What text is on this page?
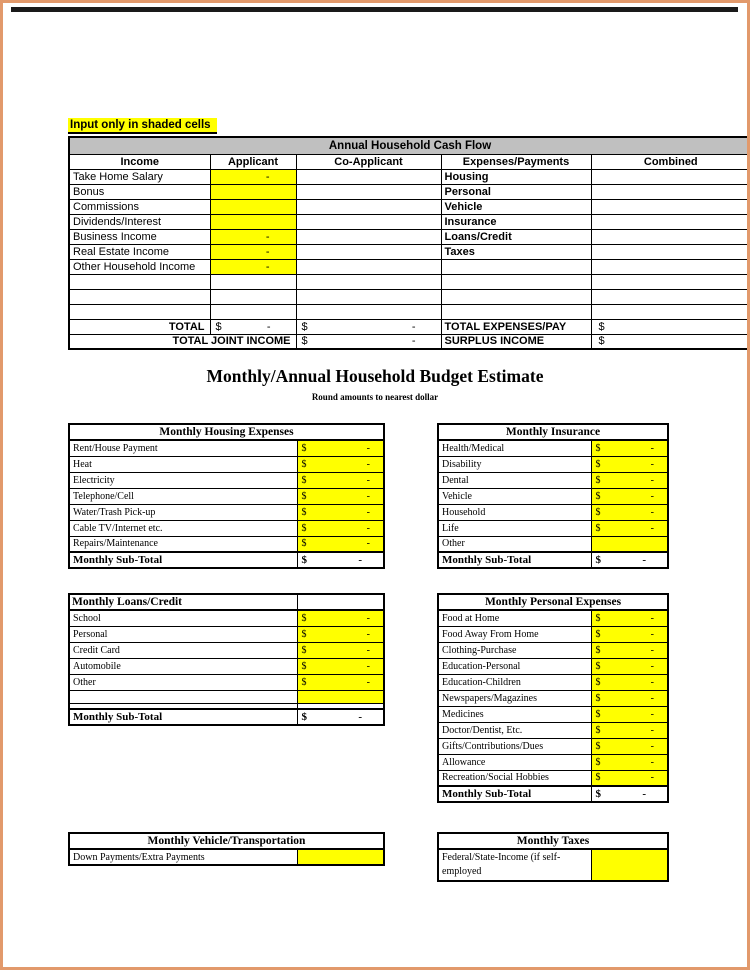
Input only in shaded cells
Annual Household Cash Flow				
Income	Applicant	Co-Applicant	Expenses/Payments	Combined
Take Home Salary	-		Housing	
Bonus			Personal	
Commissions			Vehicle	
Dividends/Interest			Insurance	
Business Income	-		Loans/Credit	
Real Estate Income	-		Taxes	
Other Household Income	-			

TOTAL	$ -	$ -	TOTAL EXPENSES/PAY	$

TOTAL JOINT INCOME		$ -	SURPLUS INCOME	$
Monthly/Annual Household Budget Estimate
Round amounts to nearest dollar
Monthly Housing Expenses	
Rent/House Payment	$ -

Heat	$ -

Electricity	$ -

Telephone/Cell	$ -

Water/Trash Pick-up	$ -

Cable TV/Internet etc.	$ -

Repairs/Maintenance	$ -

Monthly Sub-Total	$ -
Monthly Insurance	
Health/Medical	$ -

Disability	$ -

Dental	$ -

Vehicle	$ -

Household	$ -

Life	$ -

Other	

Monthly Sub-Total	$ -
Monthly Loans/Credit	
School	$ -

Personal	$ -

Credit Card	$ -

Automobile	$ -

Other	$ -

Monthly Sub-Total	$ -
Monthly Personal Expenses	
Food at Home	$ -

Food Away From Home	$ -

Clothing-Purchase	$ -

Education-Personal	$ -

Education-Children	$ -

Newspapers/Magazines	$ -

Medicines	$ -

Doctor/Dentist, Etc.	$ -

Gifts/Contributions/Dues	$ -

Allowance	$ -

Recreation/Social Hobbies	$ -

Monthly Sub-Total	$ -
Monthly Vehicle/Transportation
Down Payments/Extra Payments	
Monthly Taxes
Federal/State-Income (if self-employed	
